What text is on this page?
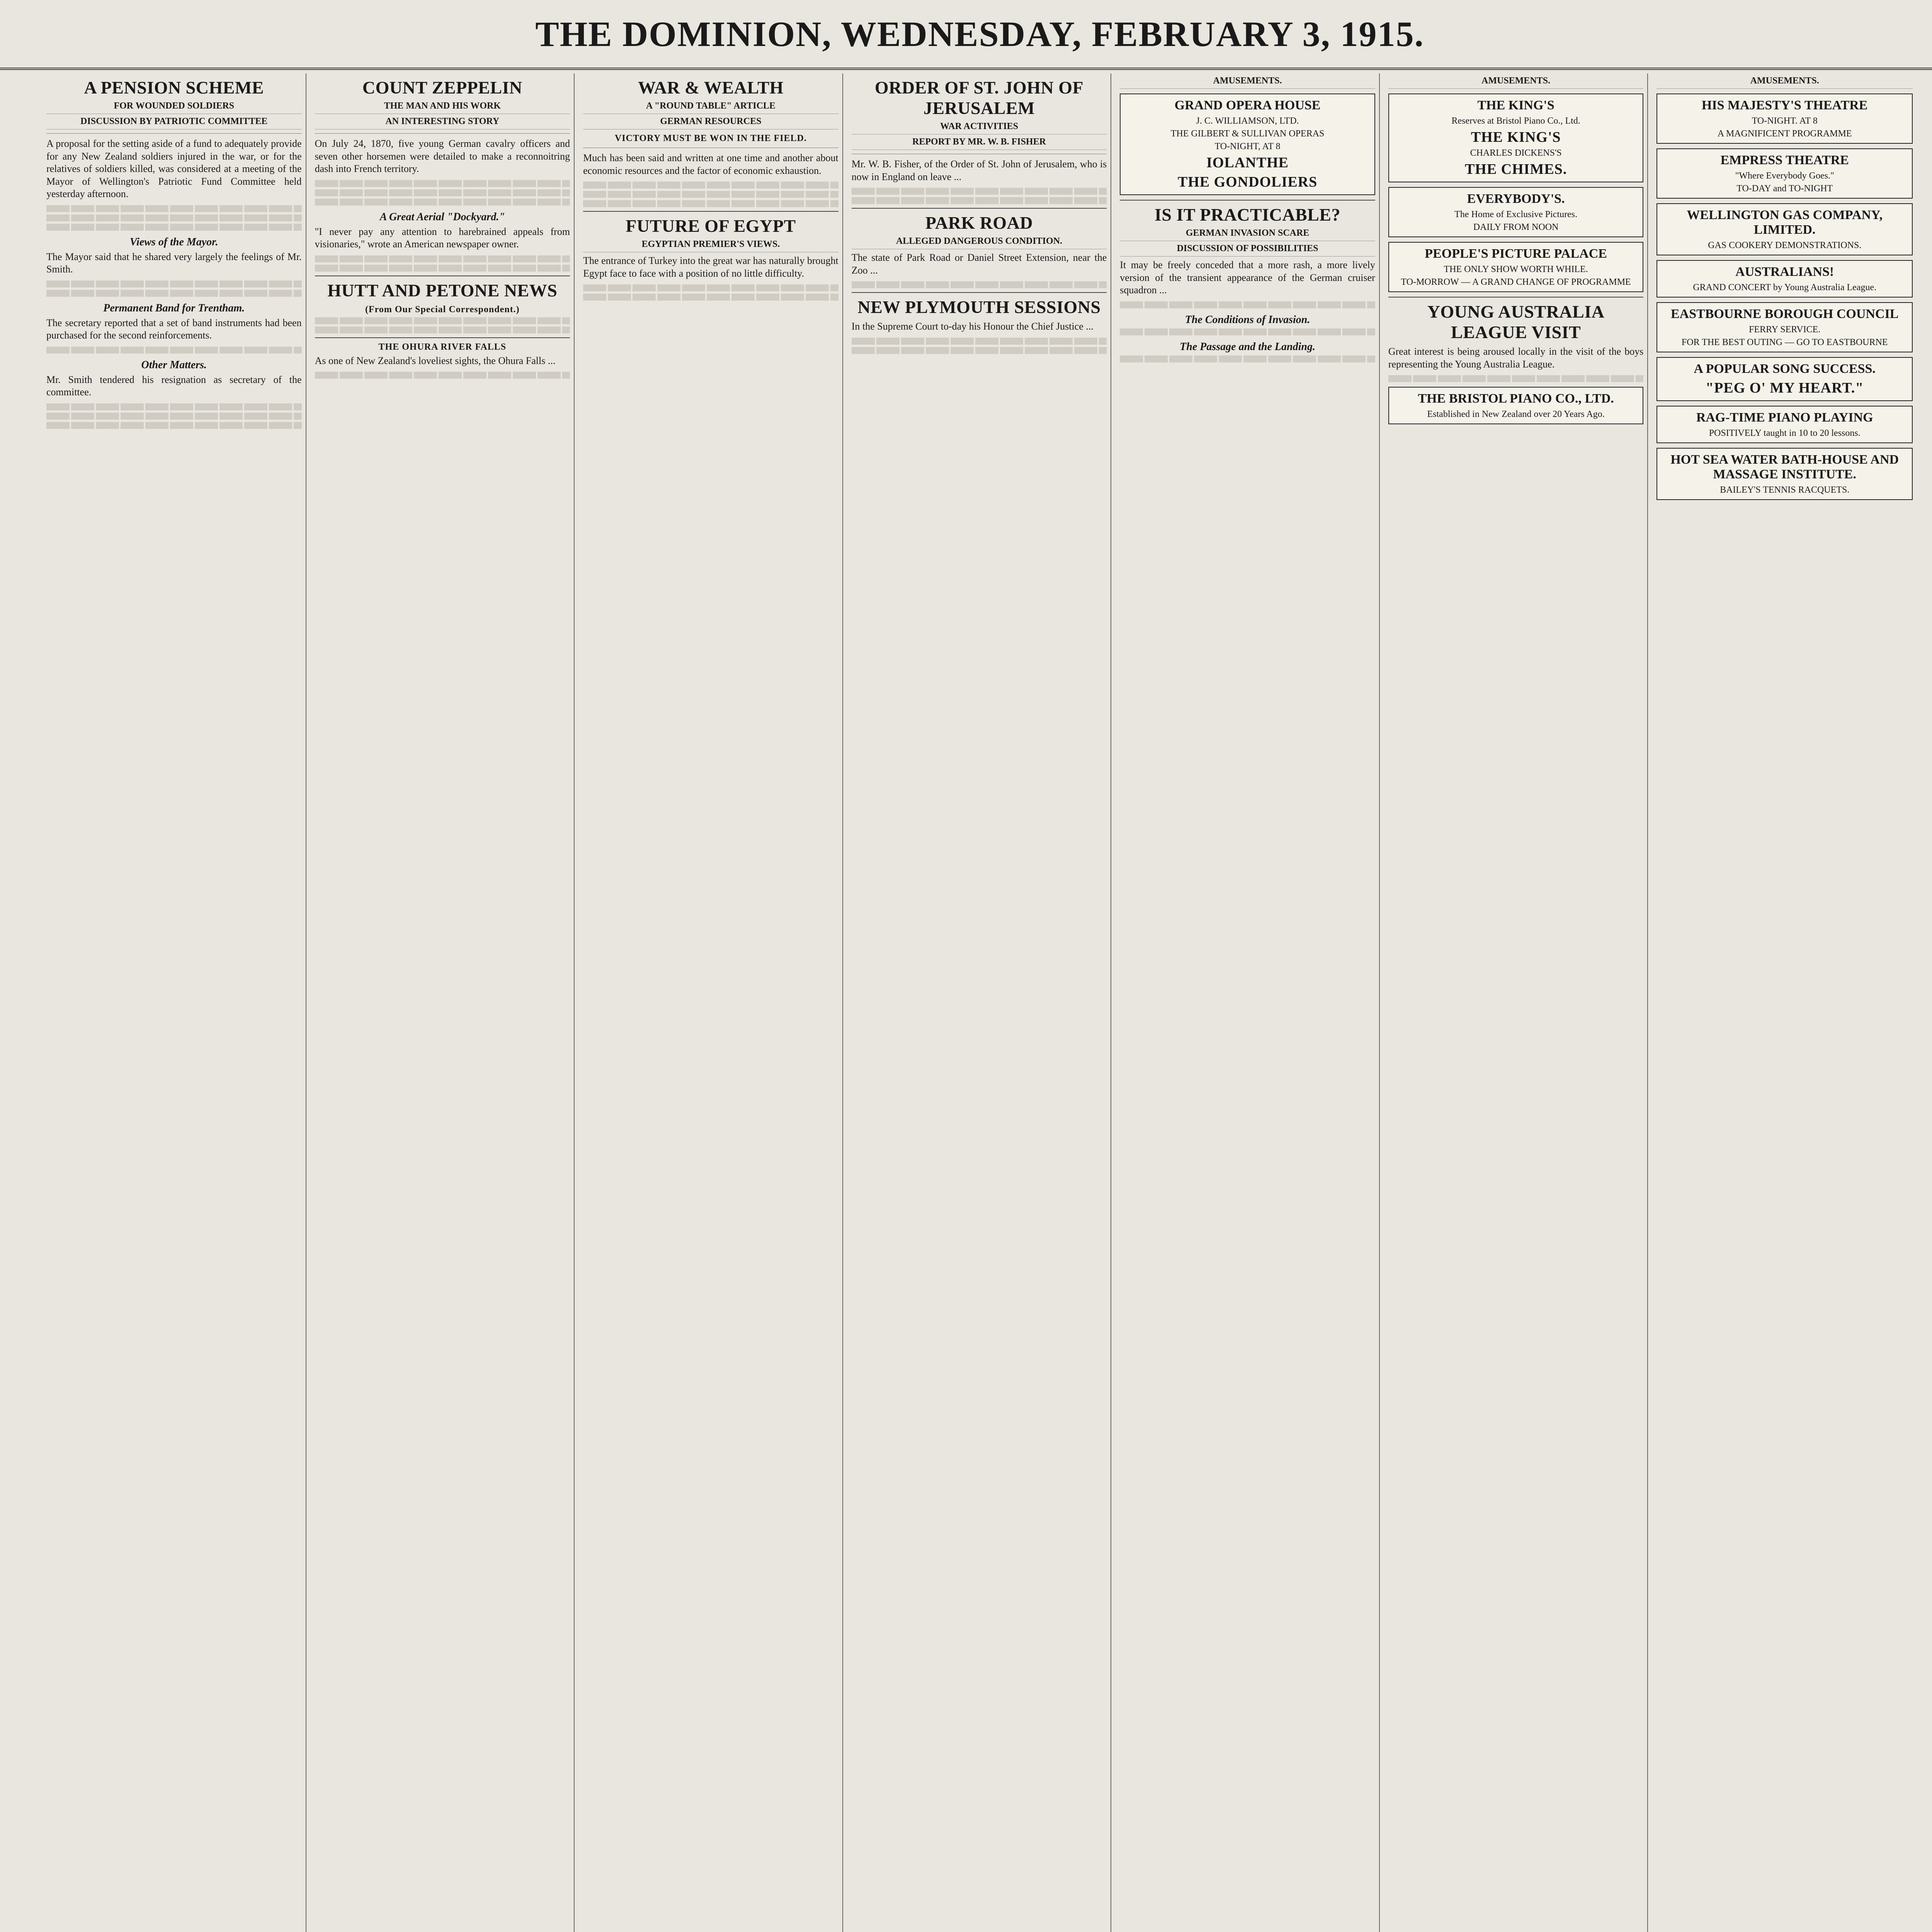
THE DOMINION, WEDNESDAY, FEBRUARY 3, 1915.
A PENSION SCHEME
FOR WOUNDED SOLDIERS
DISCUSSION BY PATRIOTIC COMMITTEE

A proposal for the setting aside of a fund to adequately provide for any New Zealand soldiers injured in the war, or for the relatives of soldiers killed, was considered at a meeting of the Mayor of Wellington's Patriotic Fund Committee held yesterday afternoon.

Views of the Mayor.

The Mayor said that he shared very largely the feelings of Mr. Smith.

Permanent Band for Trentham.

The secretary reported that a set of band instruments had been purchased for the second reinforcements.

Other Matters.

Mr. Smith tendered his resignation as secretary of the committee.

COUNT ZEPPELIN
THE MAN AND HIS WORK
AN INTERESTING STORY

On July 24, 1870, five young German cavalry officers and seven other horsemen were detailed to make a reconnoitring dash into French territory.

A Great Aerial "Dockyard."

"I never pay any attention to harebrained appeals from visionaries," wrote an American newspaper owner.

HUTT AND PETONE NEWS
(From Our Special Correspondent.)
THE OHURA RIVER FALLS

As one of New Zealand's loveliest sights, the Ohura Falls ...

WAR & WEALTH
A "ROUND TABLE" ARTICLE
GERMAN RESOURCES
VICTORY MUST BE WON IN THE FIELD.

Much has been said and written at one time and another about economic resources and the factor of economic exhaustion.

FUTURE OF EGYPT
EGYPTIAN PREMIER'S VIEWS.

The entrance of Turkey into the great war has naturally brought Egypt face to face with a position of no little difficulty.

ORDER OF ST. JOHN OF JERUSALEM
WAR ACTIVITIES
REPORT BY MR. W. B. FISHER

Mr. W. B. Fisher, of the Order of St. John of Jerusalem, who is now in England on leave ...

PARK ROAD
ALLEGED DANGEROUS CONDITION.

The state of Park Road or Daniel Street Extension, near the Zoo ...

NEW PLYMOUTH SESSIONS

In the Supreme Court to-day his Honour the Chief Justice ...

AMUSEMENTS.
GRAND OPERA HOUSE
J. C. WILLIAMSON, LTD.
THE GILBERT & SULLIVAN OPERAS
TO-NIGHT, AT 8
IOLANTHE
THE GONDOLIERS
IS IT PRACTICABLE?
GERMAN INVASION SCARE
DISCUSSION OF POSSIBILITIES

It may be freely conceded that a more rash, a more lively version of the transient appearance of the German cruiser squadron ...

The Conditions of Invasion.
The Passage and the Landing.
AMUSEMENTS.
THE KING'S
Reserves at Bristol Piano Co., Ltd.
THE KING'S
CHARLES DICKENS'S
THE CHIMES.
EVERYBODY'S.
The Home of Exclusive Pictures.
DAILY FROM NOON
PEOPLE'S PICTURE PALACE
THE ONLY SHOW WORTH WHILE.
TO-MORROW — A GRAND CHANGE OF PROGRAMME
YOUNG AUSTRALIA LEAGUE VISIT

Great interest is being aroused locally in the visit of the boys representing the Young Australia League.

THE BRISTOL PIANO CO., LTD.
Established in New Zealand over 20 Years Ago.
AMUSEMENTS.
HIS MAJESTY'S THEATRE
TO-NIGHT. AT 8
A MAGNIFICENT PROGRAMME
EMPRESS THEATRE
"Where Everybody Goes."
TO-DAY and TO-NIGHT
WELLINGTON GAS COMPANY, LIMITED.
GAS COOKERY DEMONSTRATIONS.
AUSTRALIANS!
GRAND CONCERT by Young Australia League.
EASTBOURNE BOROUGH COUNCIL
FERRY SERVICE.
FOR THE BEST OUTING — GO TO EASTBOURNE
A POPULAR SONG SUCCESS.
"PEG O' MY HEART."
RAG-TIME PIANO PLAYING
POSITIVELY taught in 10 to 20 lessons.
HOT SEA WATER BATH-HOUSE AND MASSAGE INSTITUTE.
BAILEY'S TENNIS RACQUETS.
